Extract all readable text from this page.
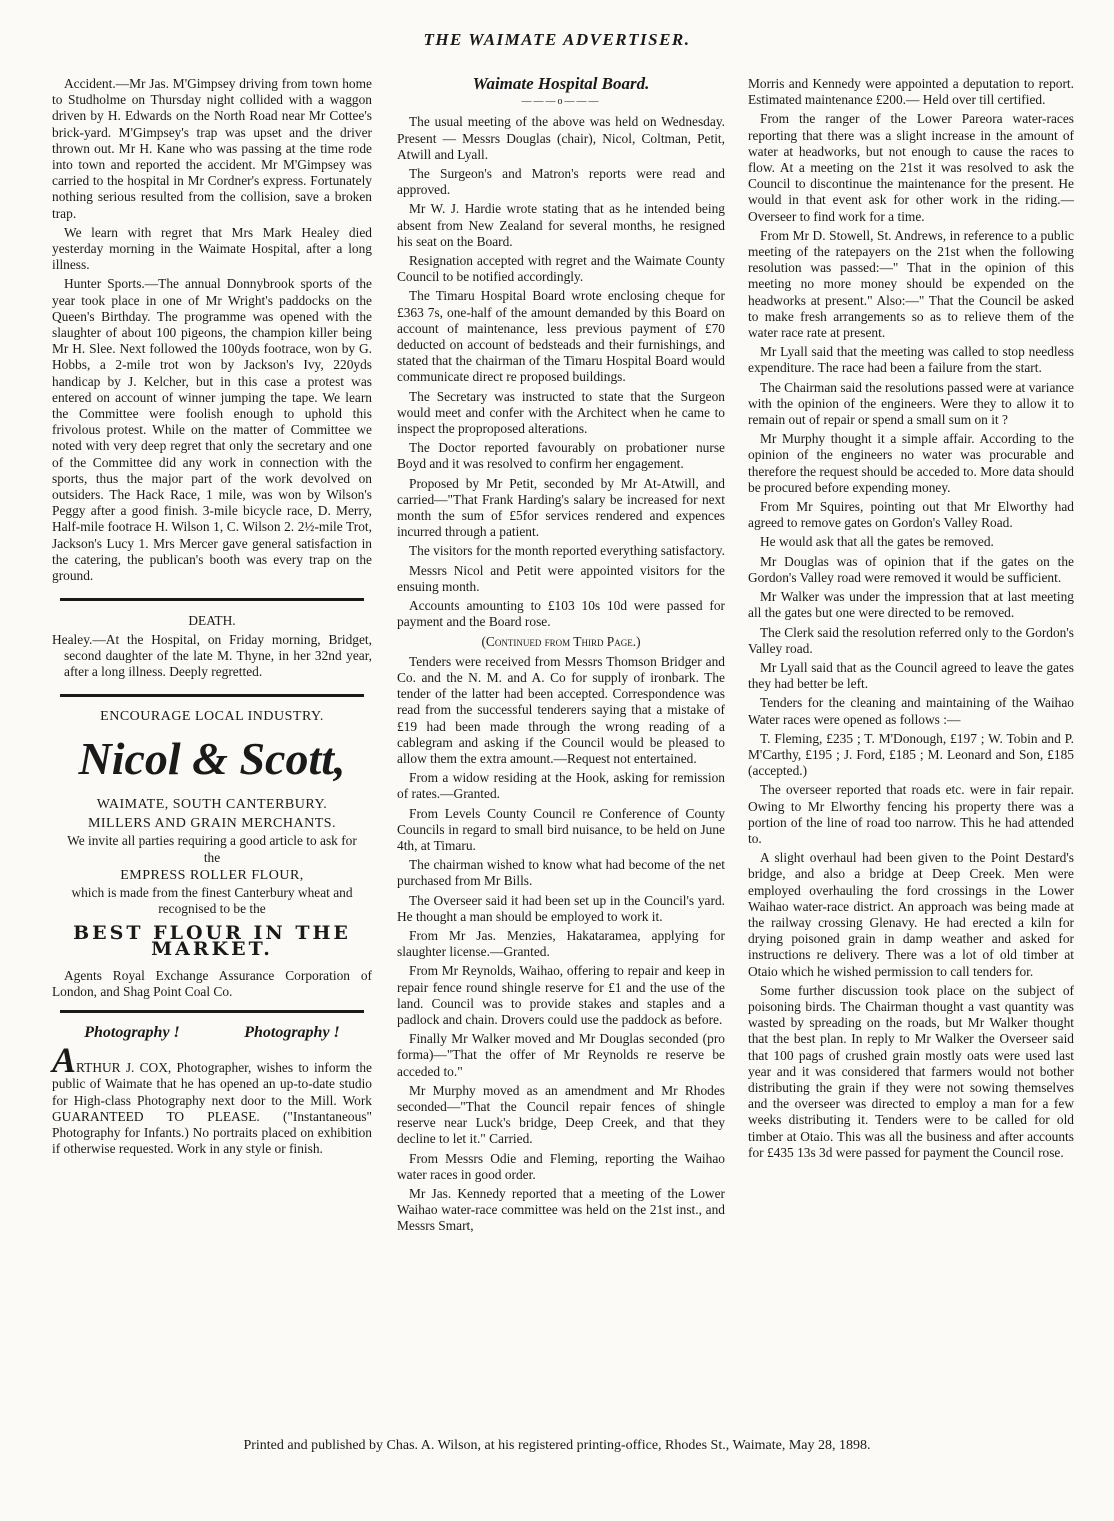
THE WAIMATE ADVERTISER.

Accident.—Mr Jas. M'Gimpsey driving from town home to Studholme on Thursday night collided with a waggon driven by H. Edwards on the North Road near Mr Cottee's brick-yard. M'Gimpsey's trap was upset and the driver thrown out. Mr H. Kane who was passing at the time rode into town and reported the accident. Mr M'Gimpsey was carried to the hospital in Mr Cordner's express. Fortunately nothing serious resulted from the collision, save a broken trap.

We learn with regret that Mrs Mark Healey died yesterday morning in the Waimate Hospital, after a long illness.

Hunter Sports.—The annual Donnybrook sports of the year took place in one of Mr Wright's paddocks on the Queen's Birthday. The programme was opened with the slaughter of about 100 pigeons, the champion killer being Mr H. Slee. Next followed the 100yds footrace, won by G. Hobbs, a 2-mile trot won by Jackson's Ivy, 220yds handicap by J. Kelcher, but in this case a protest was entered on account of winner jumping the tape. We learn the Committee were foolish enough to uphold this frivolous protest. While on the matter of Committee we noted with very deep regret that only the secretary and one of the Committee did any work in connection with the sports, thus the major part of the work devolved on outsiders. The Hack Race, 1 mile, was won by Wilson's Peggy after a good finish. 3-mile bicycle race, D. Merry, Half-mile footrace H. Wilson 1, C. Wilson 2. 2½-mile Trot, Jackson's Lucy 1. Mrs Mercer gave general satisfaction in the catering, the publican's booth was every trap on the ground.

DEATH.

Healey.—At the Hospital, on Friday morning, Bridget, second daughter of the late M. Thyne, in her 32nd year, after a long illness. Deeply regretted.

ENCOURAGE LOCAL INDUSTRY.
Nicol & Scott,
WAIMATE, SOUTH CANTERBURY.
MILLERS AND GRAIN MERCHANTS.
We invite all parties requiring a good article to ask for the
EMPRESS ROLLER FLOUR,
which is made from the finest Canterbury wheat and recognised to be the
BEST FLOUR IN THE MARKET.

Agents Royal Exchange Assurance Corporation of London, and Shag Point Coal Co.

Photography !	Photography !

ARTHUR J. COX, Photographer, wishes to inform the public of Waimate that he has opened an up-to-date studio for High-class Photography next door to the Mill. Work GUARANTEED TO PLEASE. ("Instantaneous" Photography for Infants.) No portraits placed on exhibition if otherwise requested. Work in any style or finish.

Waimate Hospital Board.
———o———

The usual meeting of the above was held on Wednesday. Present — Messrs Douglas (chair), Nicol, Coltman, Petit, Atwill and Lyall.

The Surgeon's and Matron's reports were read and approved.

Mr W. J. Hardie wrote stating that as he intended being absent from New Zealand for several months, he resigned his seat on the Board.

Resignation accepted with regret and the Waimate County Council to be notified accordingly.

The Timaru Hospital Board wrote enclosing cheque for £363 7s, one-half of the amount demanded by this Board on account of maintenance, less previous payment of £70 deducted on account of bedsteads and their furnishings, and stated that the chairman of the Timaru Hospital Board would communicate direct re proposed buildings.

The Secretary was instructed to state that the Surgeon would meet and confer with the Architect when he came to inspect the proproposed alterations.

The Doctor reported favourably on probationer nurse Boyd and it was resolved to confirm her engagement.

Proposed by Mr Petit, seconded by Mr At-Atwill, and carried—"That Frank Harding's salary be increased for next month the sum of £5for services rendered and expences incurred through a patient.

The visitors for the month reported everything satisfactory.

Messrs Nicol and Petit were appointed visitors for the ensuing month.

Accounts amounting to £103 10s 10d were passed for payment and the Board rose.

(Continued from Third Page.)

Tenders were received from Messrs Thomson Bridger and Co. and the N. M. and A. Co for supply of ironbark. The tender of the latter had been accepted. Correspondence was read from the successful tenderers saying that a mistake of £19 had been made through the wrong reading of a cablegram and asking if the Council would be pleased to allow them the extra amount.—Request not entertained.

From a widow residing at the Hook, asking for remission of rates.—Granted.

From Levels County Council re Conference of County Councils in regard to small bird nuisance, to be held on June 4th, at Timaru.

The chairman wished to know what had become of the net purchased from Mr Bills.

The Overseer said it had been set up in the Council's yard. He thought a man should be employed to work it.

From Mr Jas. Menzies, Hakataramea, applying for slaughter license.—Granted.

From Mr Reynolds, Waihao, offering to repair and keep in repair fence round shingle reserve for £1 and the use of the land. Council was to provide stakes and staples and a padlock and chain. Drovers could use the paddock as before.

Finally Mr Walker moved and Mr Douglas seconded (pro forma)—"That the offer of Mr Reynolds re reserve be acceded to."

Mr Murphy moved as an amendment and Mr Rhodes seconded—"That the Council repair fences of shingle reserve near Luck's bridge, Deep Creek, and that they decline to let it." Carried.

From Messrs Odie and Fleming, reporting the Waihao water races in good order.

Mr Jas. Kennedy reported that a meeting of the Lower Waihao water-race committee was held on the 21st inst., and Messrs Smart,

Morris and Kennedy were appointed a deputation to report. Estimated maintenance £200.— Held over till certified.

From the ranger of the Lower Pareora water-races reporting that there was a slight increase in the amount of water at headworks, but not enough to cause the races to flow. At a meeting on the 21st it was resolved to ask the Council to discontinue the maintenance for the present. He would in that event ask for other work in the riding.—Overseer to find work for a time.

From Mr D. Stowell, St. Andrews, in reference to a public meeting of the ratepayers on the 21st when the following resolution was passed:—" That in the opinion of this meeting no more money should be expended on the headworks at present." Also:—" That the Council be asked to make fresh arrangements so as to relieve them of the water race rate at present.

Mr Lyall said that the meeting was called to stop needless expenditure. The race had been a failure from the start.

The Chairman said the resolutions passed were at variance with the opinion of the engineers. Were they to allow it to remain out of repair or spend a small sum on it ?

Mr Murphy thought it a simple affair. According to the opinion of the engineers no water was procurable and therefore the request should be acceded to. More data should be procured before expending money.

From Mr Squires, pointing out that Mr Elworthy had agreed to remove gates on Gordon's Valley Road.

He would ask that all the gates be removed.

Mr Douglas was of opinion that if the gates on the Gordon's Valley road were removed it would be sufficient.

Mr Walker was under the impression that at last meeting all the gates but one were directed to be removed.

The Clerk said the resolution referred only to the Gordon's Valley road.

Mr Lyall said that as the Council agreed to leave the gates they had better be left.

Tenders for the cleaning and maintaining of the Waihao Water races were opened as follows :—

T. Fleming, £235 ; T. M'Donough, £197 ; W. Tobin and P. M'Carthy, £195 ; J. Ford, £185 ; M. Leonard and Son, £185 (accepted.)

The overseer reported that roads etc. were in fair repair. Owing to Mr Elworthy fencing his property there was a portion of the line of road too narrow. This he had attended to.

A slight overhaul had been given to the Point Destard's bridge, and also a bridge at Deep Creek. Men were employed overhauling the ford crossings in the Lower Waihao water-race district. An approach was being made at the railway crossing Glenavy. He had erected a kiln for drying poisoned grain in damp weather and asked for instructions re delivery. There was a lot of old timber at Otaio which he wished permission to call tenders for.

Some further discussion took place on the subject of poisoning birds. The Chairman thought a vast quantity was wasted by spreading on the roads, but Mr Walker thought that the best plan. In reply to Mr Walker the Overseer said that 100 pags of crushed grain mostly oats were used last year and it was considered that farmers would not bother distributing the grain if they were not sowing themselves and the overseer was directed to employ a man for a few weeks distributing it. Tenders were to be called for old timber at Otaio. This was all the business and after accounts for £435 13s 3d were passed for payment the Council rose.

Printed and published by Chas. A. Wilson, at his registered printing-office, Rhodes St., Waimate, May 28, 1898.
